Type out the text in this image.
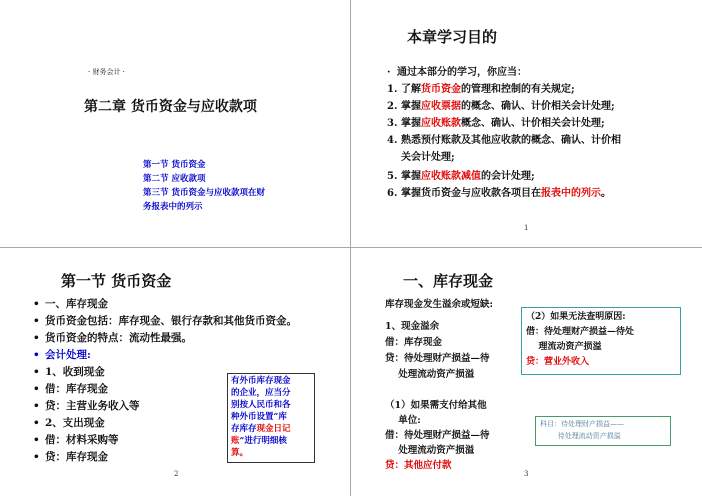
· 财务会计 ·
第二章 货币资金与应收款项
第一节 货币资金
第二节 应收款项
第三节 货币资金与应收款项在财
务报表中的列示
本章学习目的
· 通过本部分的学习，你应当：
1. 了解货币资金的管理和控制的有关规定;
2. 掌握应收票据的概念、确认、计价相关会计处理;
3. 掌握应收账款概念、确认、计价相关会计处理;
4. 熟悉预付账款及其他应收款的概念、确认、计价相
关会计处理;
5. 掌握应收账款减值的会计处理;
6. 掌握货币资金与应收款各项目在报表中的列示。
1
第一节 货币资金
• 一、库存现金
• 货币资金包括：库存现金、银行存款和其他货币资金。
• 货币资金的特点：流动性最强。
• 会计处理:
• 1、收到现金
• 借：库存现金
• 贷：主营业务收入等
• 2、支出现金
• 借：材料采购等
• 贷：库存现金
有外币库存现金
的企业，应当分
别按人民币和各
种外币设置“库
存库存现金日记
账”进行明细核
算。
2
一、库存现金
库存现金发生溢余或短缺:
1、现金溢余
借：库存现金
贷：待处理财产损益—待
处理流动资产损溢
（1）如果需支付给其他
单位:
借：待处理财产损益—待
处理流动资产损溢
贷：其他应付款
（2）如果无法查明原因:
借：待处理财产损益—待处
理流动资产损溢
贷：营业外收入
科目：待处理财产损益——
待处理流动资产损溢
3
